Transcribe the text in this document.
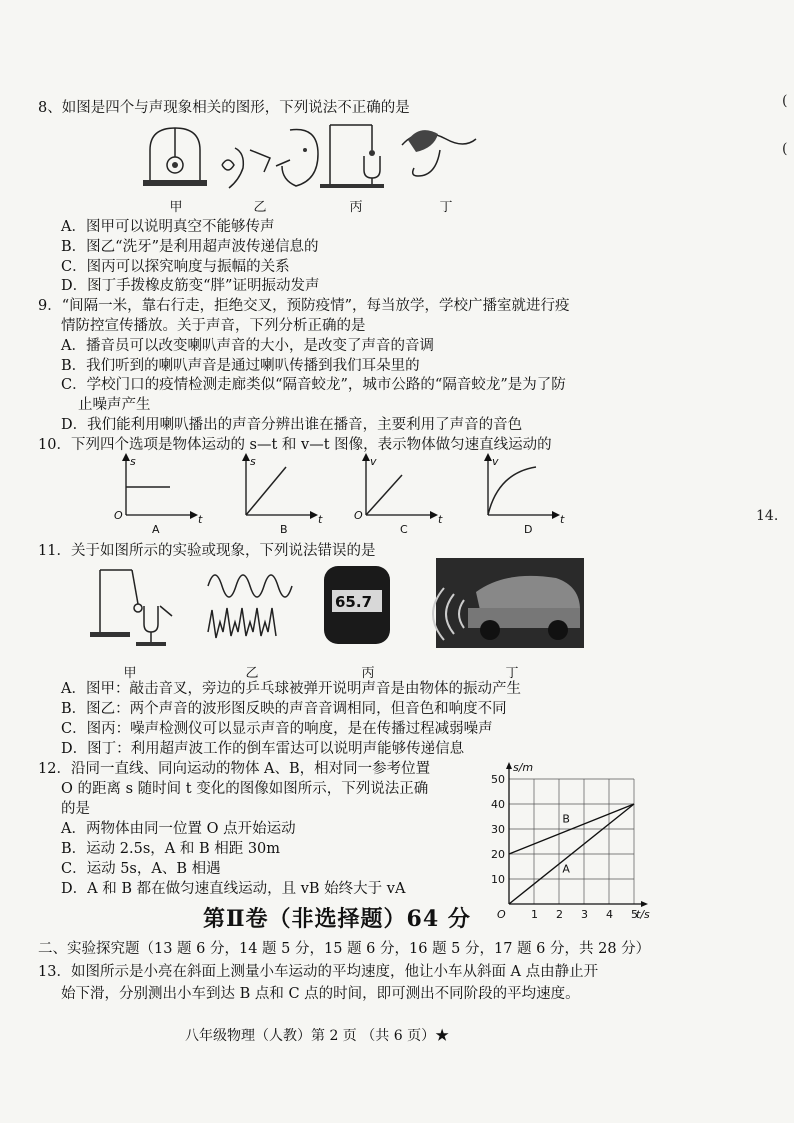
(
(
14.
8、如图是四个与声现象相关的图形，下列说法不正确的是
甲	乙	丙	丁
A．图甲可以说明真空不能够传声
B．图乙“洗牙”是利用超声波传递信息的
C．图丙可以探究响度与振幅的关系
D．图丁手拨橡皮筋变“胖”证明振动发声
9．“间隔一米，靠右行走，拒绝交叉，预防疫情”，每当放学，学校广播室就进行疫
情防控宣传播放。关于声音，下列分析正确的是
A．播音员可以改变喇叭声音的大小，是改变了声音的音调
B．我们听到的喇叭声音是通过喇叭传播到我们耳朵里的
C．学校门口的疫情检测走廊类似“隔音蛟龙”，城市公路的“隔音蛟龙”是为了防
止噪声产生
D．我们能利用喇叭播出的声音分辨出谁在播音，主要利用了声音的音色
10．下列四个选项是物体运动的 s—t 和 v—t 图像，表示物体做匀速直线运动的
s
O	t
A
s
t
B
v
O	t
C
v
t
D
11．关于如图所示的实验或现象，下列说法错误的是
65.7
甲	乙	丙	丁
A．图甲：敲击音叉，旁边的乒乓球被弹开说明声音是由物体的振动产生
B．图乙：两个声音的波形图反映的声音音调相同，但音色和响度不同
C．图丙：噪声检测仪可以显示声音的响度，是在传播过程减弱噪声
D．图丁：利用超声波工作的倒车雷达可以说明声能够传递信息
12．沿同一直线、同向运动的物体 A、B，相对同一参考位置
O 的距离 s 随时间 t 变化的图像如图所示，下列说法正确
的是
A．两物体由同一位置 O 点开始运动
B．运动 2.5s，A 和 B 相距 30m
C．运动 5s，A、B 相遇
D．A 和 B 都在做匀速直线运动，且 vB 始终大于 vA
1 2 3 4 5
10
20
30
40
50
s/m
t/s
O
A
B
第Ⅱ卷（非选择题）64 分
二、实验探究题（13 题 6 分，14 题 5 分，15 题 6 分，16 题 5 分，17 题 6 分，共 28 分）
13．如图所示是小亮在斜面上测量小车运动的平均速度，他让小车从斜面 A 点由静止开
始下滑，分别测出小车到达 B 点和 C 点的时间，即可测出不同阶段的平均速度。
八年级物理（人教）第 2 页 （共 6 页）★
